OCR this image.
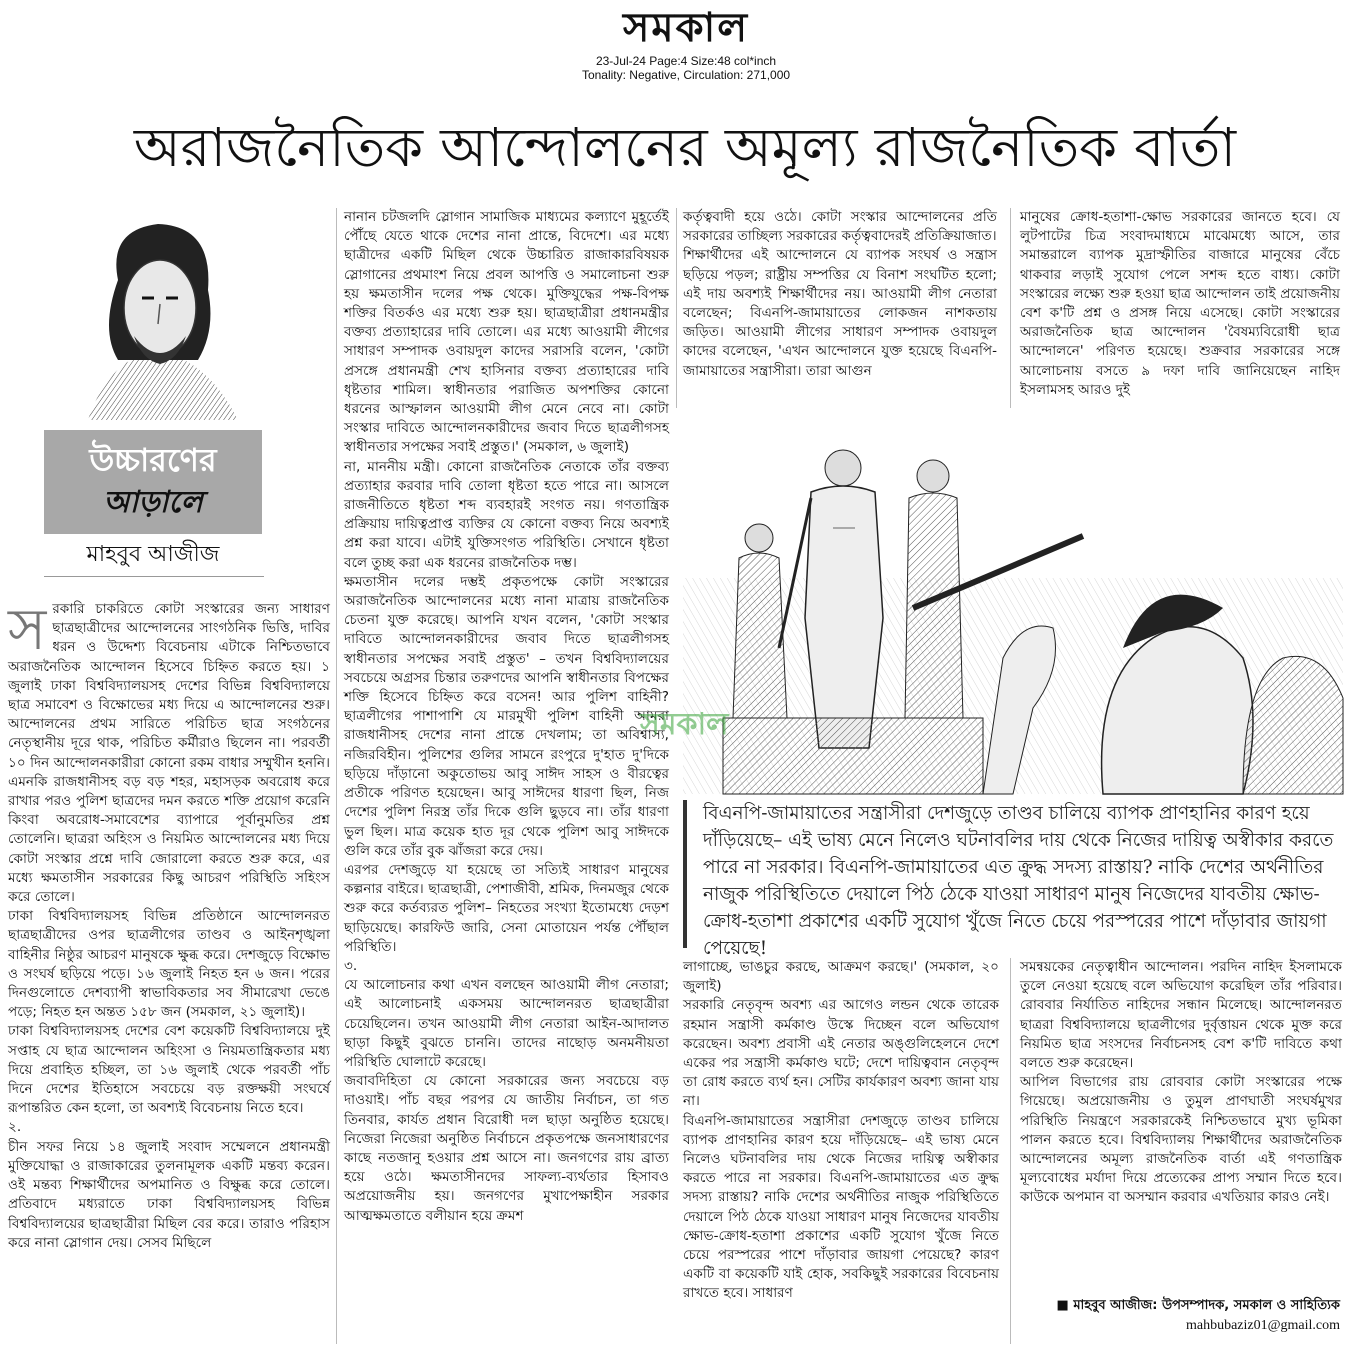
সমকাল
23-Jul-24 Page:4 Size:48 col*inch
Tonality: Negative, Circulation: 271,000
অরাজনৈতিক আন্দোলনের অমূল্য রাজনৈতিক বার্তা
উচ্চারণের
আড়ালে
মাহবুব আজীজ

সরকারি চাকরিতে কোটা সংস্কারের জন্য সাধারণ ছাত্রছাত্রীদের আন্দোলনের সাংগঠনিক ভিত্তি, দাবির ধরন ও উদ্দেশ্য বিবেচনায় এটাকে নিশ্চিতভাবে অরাজনৈতিক আন্দোলন হিসেবে চিহ্নিত করতে হয়। ১ জুলাই ঢাকা বিশ্ববিদ্যালয়সহ দেশের বিভিন্ন বিশ্ববিদ্যালয়ে ছাত্র সমাবেশ ও বিক্ষোভের মধ্য দিয়ে এ আন্দোলনের শুরু। আন্দোলনের প্রথম সারিতে পরিচিত ছাত্র সংগঠনের নেতৃস্থানীয় দূরে থাক, পরিচিত কর্মীরাও ছিলেন না। পরবর্তী ১০ দিন আন্দোলনকারীরা কোনো রকম বাধার সম্মুখীন হননি। এমনকি রাজধানীসহ বড় বড় শহর, মহাসড়ক অবরোধ করে রাখার পরও পুলিশ ছাত্রদের দমন করতে শক্তি প্রয়োগ করেনি কিংবা অবরোধ-সমাবেশের ব্যাপারে পূর্বানুমতির প্রশ্ন তোলেনি। ছাত্ররা অহিংস ও নিয়মিত আন্দোলনের মধ্য দিয়ে কোটা সংস্কার প্রশ্নে দাবি জোরালো করতে শুরু করে, এর মধ্যে ক্ষমতাসীন সরকারের কিছু আচরণ পরিস্থিতি সহিংস করে তোলে।

ঢাকা বিশ্ববিদ্যালয়সহ বিভিন্ন প্রতিষ্ঠানে আন্দোলনরত ছাত্রছাত্রীদের ওপর ছাত্রলীগের তাণ্ডব ও আইনশৃঙ্খলা বাহিনীর নিষ্ঠুর আচরণ মানুষকে ক্ষুব্ধ করে। দেশজুড়ে বিক্ষোভ ও সংঘর্ষ ছড়িয়ে পড়ে। ১৬ জুলাই নিহত হন ৬ জন। পরের দিনগুলোতে দেশব্যাপী স্বাভাবিকতার সব সীমারেখা ভেঙে পড়ে; নিহত হন অন্তত ১৫৮ জন (সমকাল, ২১ জুলাই)।

ঢাকা বিশ্ববিদ্যালয়সহ দেশের বেশ কয়েকটি বিশ্ববিদ্যালয়ে দুই সপ্তাহ যে ছাত্র আন্দোলন অহিংসা ও নিয়মতান্ত্রিকতার মধ্য দিয়ে প্রবাহিত হচ্ছিল, তা ১৬ জুলাই থেকে পরবর্তী পাঁচ দিনে দেশের ইতিহাসে সবচেয়ে বড় রক্তক্ষয়ী সংঘর্ষে রূপান্তরিত কেন হলো, তা অবশ্যই বিবেচনায় নিতে হবে।

২.

চীন সফর নিয়ে ১৪ জুলাই সংবাদ সম্মেলনে প্রধানমন্ত্রী মুক্তিযোদ্ধা ও রাজাকারের তুলনামূলক একটি মন্তব্য করেন। ওই মন্তব্য শিক্ষার্থীদের অপমানিত ও বিক্ষুব্ধ করে তোলে। প্রতিবাদে মধ্যরাতে ঢাকা বিশ্ববিদ্যালয়সহ বিভিন্ন বিশ্ববিদ্যালয়ের ছাত্রছাত্রীরা মিছিল বের করে। তারাও পরিহাস করে নানা স্লোগান দেয়। সেসব মিছিলে

নানান চটজলদি স্লোগান সামাজিক মাধ্যমের কল্যাণে মুহূর্তেই পৌঁছে যেতে থাকে দেশের নানা প্রান্তে, বিদেশে। এর মধ্যে ছাত্রীদের একটি মিছিল থেকে উচ্চারিত রাজাকারবিষয়ক স্লোগানের প্রথমাংশ নিয়ে প্রবল আপত্তি ও সমালোচনা শুরু হয় ক্ষমতাসীন দলের পক্ষ থেকে। মুক্তিযুদ্ধের পক্ষ-বিপক্ষ শক্তির বিতর্কও এর মধ্যে শুরু হয়। ছাত্রছাত্রীরা প্রধানমন্ত্রীর বক্তব্য প্রত্যাহারের দাবি তোলে। এর মধ্যে আওয়ামী লীগের সাধারণ সম্পাদক ওবায়দুল কাদের সরাসরি বলেন, 'কোটা প্রসঙ্গে প্রধানমন্ত্রী শেখ হাসিনার বক্তব্য প্রত্যাহারের দাবি ধৃষ্টতার শামিল। স্বাধীনতার পরাজিত অপশক্তির কোনো ধরনের আস্ফালন আওয়ামী লীগ মেনে নেবে না। কোটা সংস্কার দাবিতে আন্দোলনকারীদের জবাব দিতে ছাত্রলীগসহ স্বাধীনতার সপক্ষের সবাই প্রস্তুত।' (সমকাল, ৬ জুলাই)

না, মাননীয় মন্ত্রী। কোনো রাজনৈতিক নেতাকে তাঁর বক্তব্য প্রত্যাহার করবার দাবি তোলা ধৃষ্টতা হতে পারে না। আসলে রাজনীতিতে ধৃষ্টতা শব্দ ব্যবহারই সংগত নয়। গণতান্ত্রিক প্রক্রিয়ায় দায়িত্বপ্রাপ্ত ব্যক্তির যে কোনো বক্তব্য নিয়ে অবশ্যই প্রশ্ন করা যাবে। এটাই যুক্তিসংগত পরিস্থিতি। সেখানে ধৃষ্টতা বলে তুচ্ছ করা এক ধরনের রাজনৈতিক দম্ভ।

ক্ষমতাসীন দলের দম্ভই প্রকৃতপক্ষে কোটা সংস্কারের অরাজনৈতিক আন্দোলনের মধ্যে নানা মাত্রায় রাজনৈতিক চেতনা যুক্ত করেছে। আপনি যখন বলেন, 'কোটা সংস্কার দাবিতে আন্দোলনকারীদের জবাব দিতে ছাত্রলীগসহ স্বাধীনতার সপক্ষের সবাই প্রস্তুত' – তখন বিশ্ববিদ্যালয়ের সবচেয়ে অগ্রসর চিন্তার তরুণদের আপনি স্বাধীনতার বিপক্ষের শক্তি হিসেবে চিহ্নিত করে বসেন! আর পুলিশ বাহিনী? ছাত্রলীগের পাশাপাশি যে মারমুখী পুলিশ বাহিনী আমরা রাজধানীসহ দেশের নানা প্রান্তে দেখলাম; তা অবিশ্বাস্য, নজিরবিহীন। পুলিশের গুলির সামনে রংপুরে দু'হাত দু'দিকে ছড়িয়ে দাঁড়ানো অকুতোভয় আবু সাঈদ সাহস ও বীরত্বের প্রতীকে পরিণত হয়েছেন। আবু সাঈদের ধারণা ছিল, নিজ দেশের পুলিশ নিরস্ত্র তাঁর দিকে গুলি ছুড়বে না। তাঁর ধারণা ভুল ছিল। মাত্র কয়েক হাত দূর থেকে পুলিশ আবু সাঈদকে গুলি করে তাঁর বুক ঝাঁজরা করে দেয়।

এরপর দেশজুড়ে যা হয়েছে তা সত্যিই সাধারণ মানুষের কল্পনার বাইরে। ছাত্রছাত্রী, পেশাজীবী, শ্রমিক, দিনমজুর থেকে শুরু করে কর্তব্যরত পুলিশ– নিহতের সংখ্যা ইতোমধ্যে দেড়শ ছাড়িয়েছে। কারফিউ জারি, সেনা মোতায়েন পর্যন্ত পৌঁছাল পরিস্থিতি।

৩.

যে আলোচনার কথা এখন বলছেন আওয়ামী লীগ নেতারা; এই আলোচনাই একসময় আন্দোলনরত ছাত্রছাত্রীরা চেয়েছিলেন। তখন আওয়ামী লীগ নেতারা আইন-আদালত ছাড়া কিছুই বুঝতে চাননি। তাদের নাছোড় অনমনীয়তা পরিস্থিতি ঘোলাটে করেছে।

জবাবদিহিতা যে কোনো সরকারের জন্য সবচেয়ে বড় দাওয়াই। পাঁচ বছর পরপর যে জাতীয় নির্বাচন, তা গত তিনবার, কার্যত প্রধান বিরোধী দল ছাড়া অনুষ্ঠিত হয়েছে। নিজেরা নিজেরা অনুষ্ঠিত নির্বাচনে প্রকৃতপক্ষে জনসাধারণের কাছে নতজানু হওয়ার প্রশ্ন আসে না। জনগণের রায় ব্রাত্য হয়ে ওঠে। ক্ষমতাসীনদের সাফল্য-ব্যর্থতার হিসাবও অপ্রয়োজনীয় হয়। জনগণের মুখাপেক্ষাহীন সরকার আত্মক্ষমতাতে বলীয়ান হয়ে ক্রমশ

কর্তৃত্ববাদী হয়ে ওঠে। কোটা সংস্কার আন্দোলনের প্রতি সরকারের তাচ্ছিল্য সরকারের কর্তৃত্ববাদেরই প্রতিক্রিয়াজাত।

শিক্ষার্থীদের এই আন্দোলনে যে ব্যাপক সংঘর্ষ ও সন্ত্রাস ছড়িয়ে পড়ল; রাষ্ট্রীয় সম্পত্তির যে বিনাশ সংঘটিত হলো; এই দায় অবশ্যই শিক্ষার্থীদের নয়। আওয়ামী লীগ নেতারা বলেছেন; বিএনপি-জামায়াতের লোকজন নাশকতায় জড়িত। আওয়ামী লীগের সাধারণ সম্পাদক ওবায়দুল কাদের বলেছেন, 'এখন আন্দোলনে যুক্ত হয়েছে বিএনপি-জামায়াতের সন্ত্রাসীরা। তারা আগুন

মানুষের ক্রোধ-হতাশা-ক্ষোভ সরকারের জানতে হবে। যে লুটপাটের চিত্র সংবাদমাধ্যমে মাঝেমধ্যে আসে, তার সমান্তরালে ব্যাপক মুদ্রাস্ফীতির বাজারে মানুষের বেঁচে থাকবার লড়াই সুযোগ পেলে সশব্দ হতে বাধ্য। কোটা সংস্কারের লক্ষ্যে শুরু হওয়া ছাত্র আন্দোলন তাই প্রয়োজনীয় বেশ ক'টি প্রশ্ন ও প্রসঙ্গ নিয়ে এসেছে। কোটা সংস্কারের অরাজনৈতিক ছাত্র আন্দোলন 'বৈষম্যবিরোধী ছাত্র আন্দোলনে' পরিণত হয়েছে। শুক্রবার সরকারের সঙ্গে আলোচনায় বসতে ৯ দফা দাবি জানিয়েছেন নাহিদ ইসলামসহ আরও দুই

সমকাল
বিএনপি-জামায়াতের সন্ত্রাসীরা দেশজুড়ে তাণ্ডব চালিয়ে ব্যাপক প্রাণহানির কারণ হয়ে দাঁড়িয়েছে– এই ভাষ্য মেনে নিলেও ঘটনাবলির দায় থেকে নিজের দায়িত্ব অস্বীকার করতে পারে না সরকার। বিএনপি-জামায়াতের এত ক্রুদ্ধ সদস্য রাস্তায়? নাকি দেশের অর্থনীতির নাজুক পরিস্থিতিতে দেয়ালে পিঠ ঠেকে যাওয়া সাধারণ মানুষ নিজেদের যাবতীয় ক্ষোভ-ক্রোধ-হতাশা প্রকাশের একটি সুযোগ খুঁজে নিতে চেয়ে পরস্পরের পাশে দাঁড়াবার জায়গা পেয়েছে!

লাগাচ্ছে, ভাঙচুর করছে, আক্রমণ করছে।' (সমকাল, ২০ জুলাই)

সরকারি নেতৃবৃন্দ অবশ্য এর আগেও লন্ডন থেকে তারেক রহমান সন্ত্রাসী কর্মকাণ্ড উস্কে দিচ্ছেন বলে অভিযোগ করেছেন। অবশ্য প্রবাসী এই নেতার অঙ্গুলিহেলনে দেশে একের পর সন্ত্রাসী কর্মকাণ্ড ঘটে; দেশে দায়িত্ববান নেতৃবৃন্দ তা রোধ করতে ব্যর্থ হন। সেটির কার্যকারণ অবশ্য জানা যায় না।

বিএনপি-জামায়াতের সন্ত্রাসীরা দেশজুড়ে তাণ্ডব চালিয়ে ব্যাপক প্রাণহানির কারণ হয়ে দাঁড়িয়েছে– এই ভাষ্য মেনে নিলেও ঘটনাবলির দায় থেকে নিজের দায়িত্ব অস্বীকার করতে পারে না সরকার। বিএনপি-জামায়াতের এত ক্রুদ্ধ সদস্য রাস্তায়? নাকি দেশের অর্থনীতির নাজুক পরিস্থিতিতে দেয়ালে পিঠ ঠেকে যাওয়া সাধারণ মানুষ নিজেদের যাবতীয় ক্ষোভ-ক্রোধ-হতাশা প্রকাশের একটি সুযোগ খুঁজে নিতে চেয়ে পরস্পরের পাশে দাঁড়াবার জায়গা পেয়েছে? কারণ একটি বা কয়েকটি যাই হোক, সবকিছুই সরকারের বিবেচনায় রাখতে হবে। সাধারণ

সমন্বয়কের নেতৃত্বাধীন আন্দোলন। পরদিন নাহিদ ইসলামকে তুলে নেওয়া হয়েছে বলে অভিযোগ করেছিল তাঁর পরিবার। রোববার নির্যাতিত নাহিদের সন্ধান মিলেছে। আন্দোলনরত ছাত্ররা বিশ্ববিদ্যালয়ে ছাত্রলীগের দুর্বৃত্তায়ন থেকে মুক্ত করে নিয়মিত ছাত্র সংসদের নির্বাচনসহ বেশ ক'টি দাবিতে কথা বলতে শুরু করেছেন।

আপিল বিভাগের রায় রোববার কোটা সংস্কারের পক্ষে গিয়েছে। অপ্রয়োজনীয় ও তুমুল প্রাণঘাতী সংঘর্ষমুখর পরিস্থিতি নিয়ন্ত্রণে সরকারকেই নিশ্চিতভাবে মুখ্য ভূমিকা পালন করতে হবে। বিশ্ববিদ্যালয় শিক্ষার্থীদের অরাজনৈতিক আন্দোলনের অমূল্য রাজনৈতিক বার্তা এই গণতান্ত্রিক মূল্যবোধের মর্যাদা দিয়ে প্রত্যেকের প্রাপ্য সম্মান দিতে হবে। কাউকে অপমান বা অসম্মান করবার এখতিয়ার কারও নেই।

■ মাহবুব আজীজ: উপসম্পাদক, সমকাল ও সাহিত্যিক
mahbubaziz01@gmail.com
